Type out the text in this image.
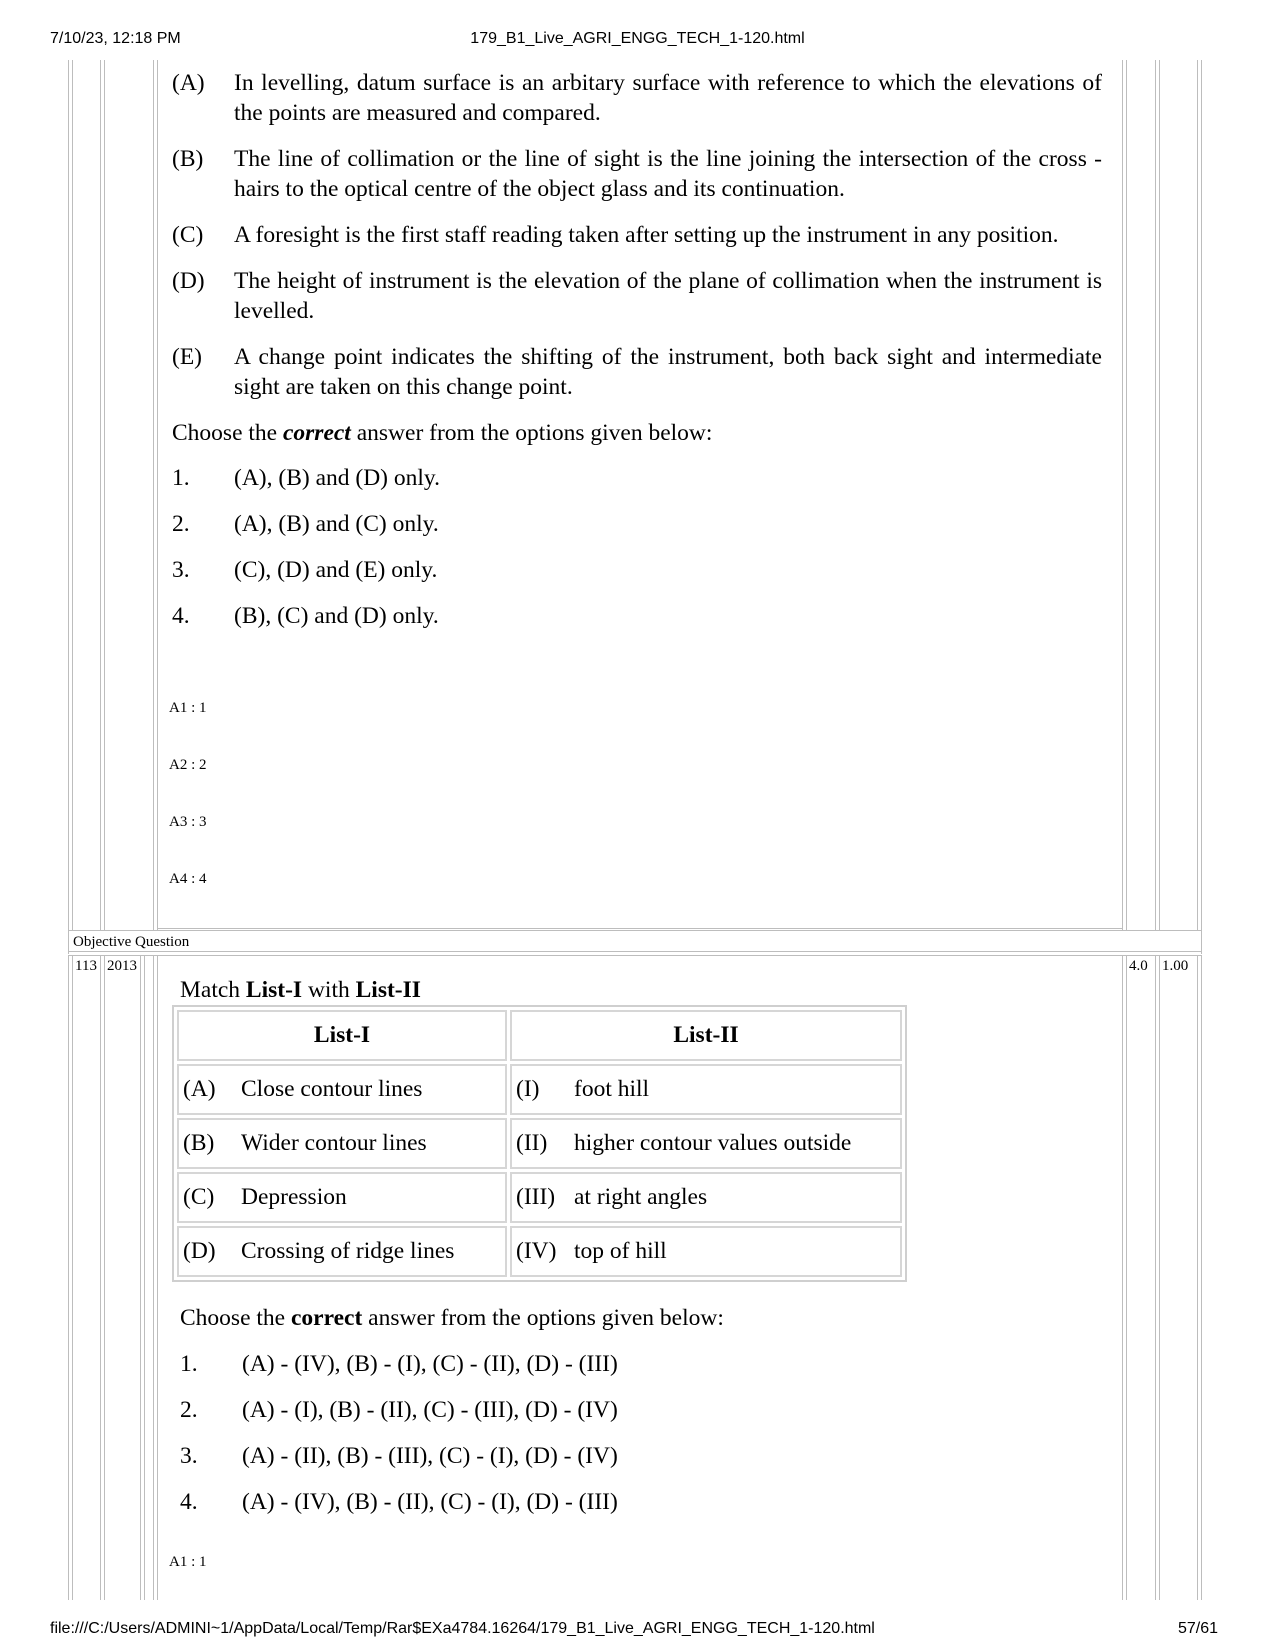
7/10/23, 12:18 PM	179_B1_Live_AGRI_ENGG_TECH_1-120.html
(A)	In levelling, datum surface is an arbitary surface with reference to which the elevations of the points are measured and compared.
(B)	The line of collimation or the line of sight is the line joining the intersection of the cross - hairs to the optical centre of the object glass and its continuation.
(C)	A foresight is the first staff reading taken after setting up the instrument in any position.
(D)	The height of instrument is the elevation of the plane of collimation when the instrument is levelled.
(E)	A change point indicates the shifting of the instrument, both back sight and intermediate sight are taken on this change point.
Choose the correct answer from the options given below:
1.	(A), (B) and (D) only.
2.	(A), (B) and (C) only.
3.	(C), (D) and (E) only.
4.	(B), (C) and (D) only.
A1 : 1
A2 : 2
A3 : 3
A4 : 4
Objective Question
113 2013	4.0 1.00
Match List-I with List-II
List-I	List-II

(A) Close contour lines	(I) foot hill

(B) Wider contour lines	(II) higher contour values outside

(C) Depression	(III) at right angles

(D) Crossing of ridge lines	(IV) top of hill
Choose the correct answer from the options given below:
1.	(A) - (IV), (B) - (I), (C) - (II), (D) - (III)
2.	(A) - (I), (B) - (II), (C) - (III), (D) - (IV)
3.	(A) - (II), (B) - (III), (C) - (I), (D) - (IV)
4.	(A) - (IV), (B) - (II), (C) - (I), (D) - (III)
A1 : 1
file:///C:/Users/ADMINI~1/AppData/Local/Temp/Rar$EXa4784.16264/179_B1_Live_AGRI_ENGG_TECH_1-120.html	57/61
